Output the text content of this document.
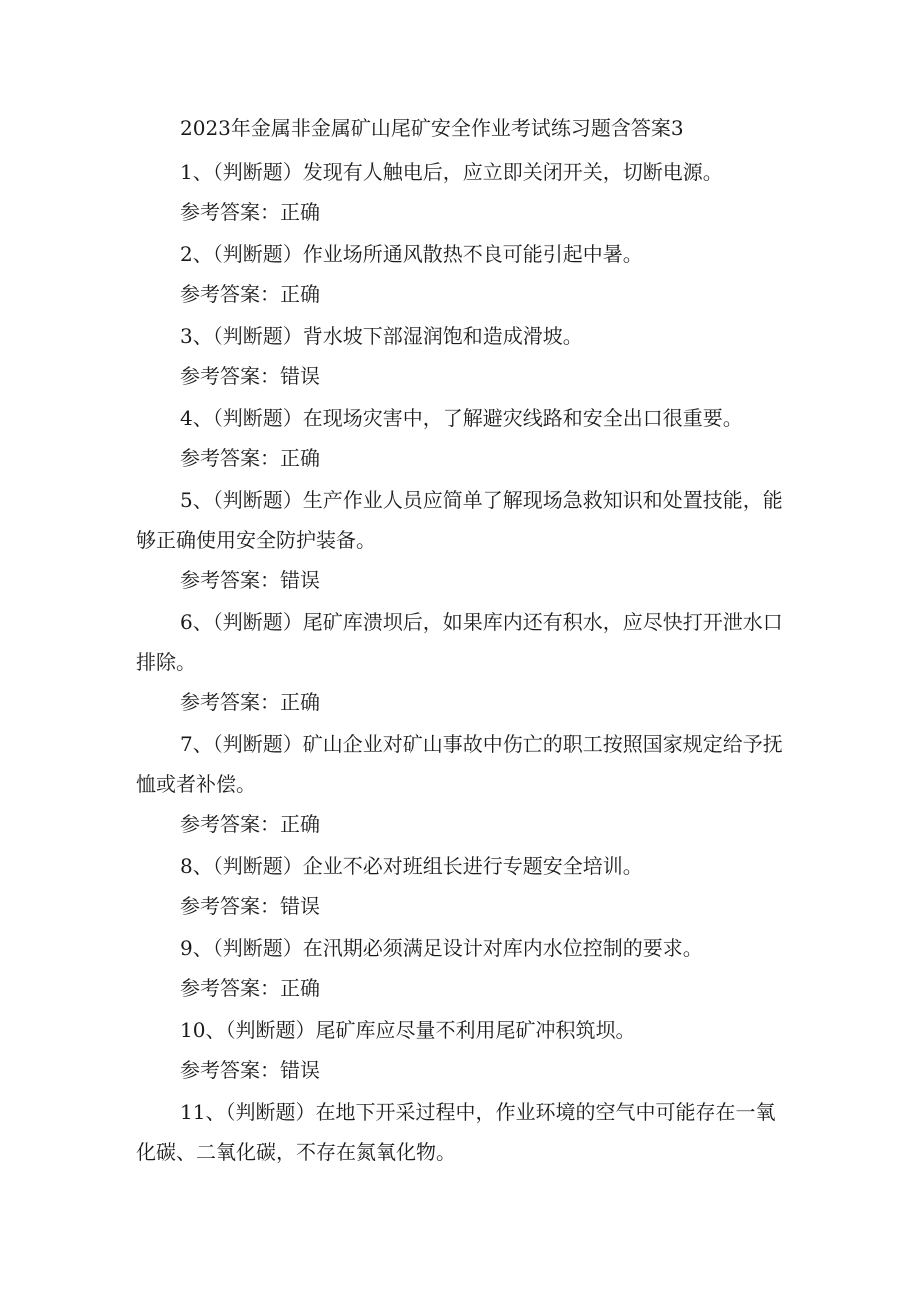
2023年金属非金属矿山尾矿安全作业考试练习题含答案3

1、（判断题）发现有人触电后，应立即关闭开关，切断电源。

参考答案：正确

2、（判断题）作业场所通风散热不良可能引起中暑。

参考答案：正确

3、（判断题）背水坡下部湿润饱和造成滑坡。

参考答案：错误

4、（判断题）在现场灾害中，了解避灾线路和安全出口很重要。

参考答案：正确

5、（判断题）生产作业人员应简单了解现场急救知识和处置技能，能够正确使用安全防护装备。

参考答案：错误

6、（判断题）尾矿库溃坝后，如果库内还有积水，应尽快打开泄水口排除。

参考答案：正确

7、（判断题）矿山企业对矿山事故中伤亡的职工按照国家规定给予抚恤或者补偿。

参考答案：正确

8、（判断题）企业不必对班组长进行专题安全培训。

参考答案：错误

9、（判断题）在汛期必须满足设计对库内水位控制的要求。

参考答案：正确

10、（判断题）尾矿库应尽量不利用尾矿冲积筑坝。

参考答案：错误

11、（判断题）在地下开采过程中，作业环境的空气中可能存在一氧化碳、二氧化碳，不存在氮氧化物。
